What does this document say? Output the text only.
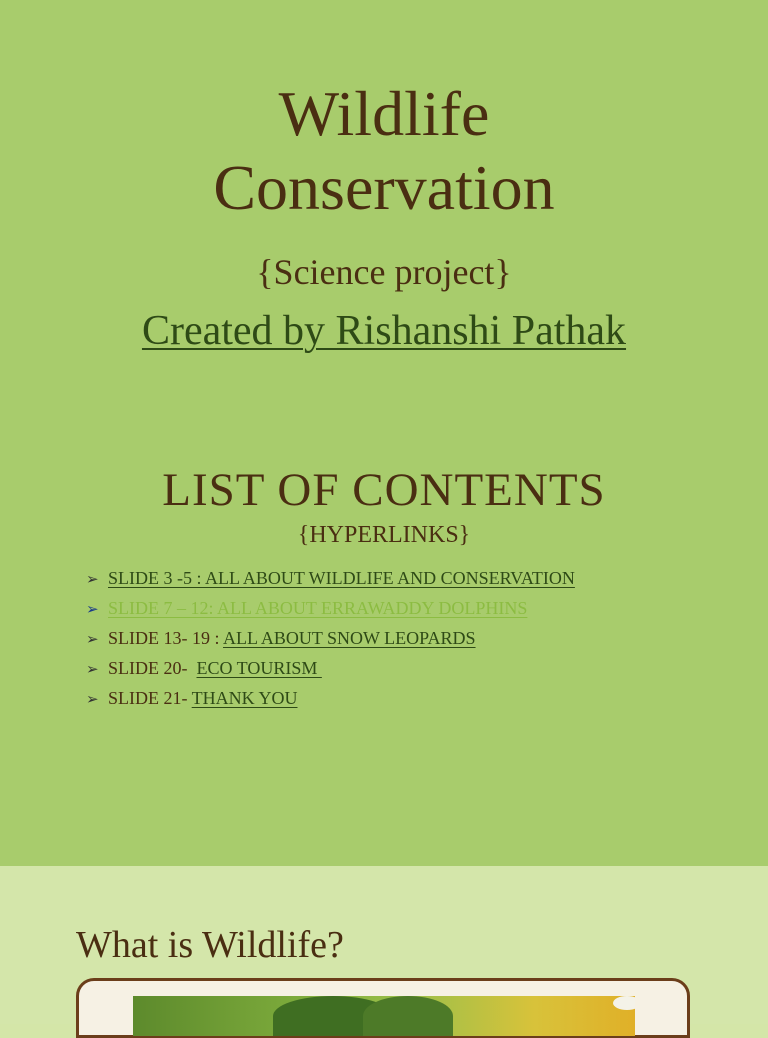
Wildlife
Conservation
{Science project}
Created by Rishanshi Pathak
LIST OF CONTENTS
{HYPERLINKS}
➢ SLIDE 3 -5 : ALL ABOUT WILDLIFE AND CONSERVATION
➢ SLIDE 7 – 12: ALL ABOUT ERRAWADDY DOLPHINS
➢ SLIDE 13- 19 : ALL ABOUT SNOW LEOPARDS
➢ SLIDE 20-  ECO TOURISM
➢ SLIDE 21- THANK YOU
What is Wildlife?
